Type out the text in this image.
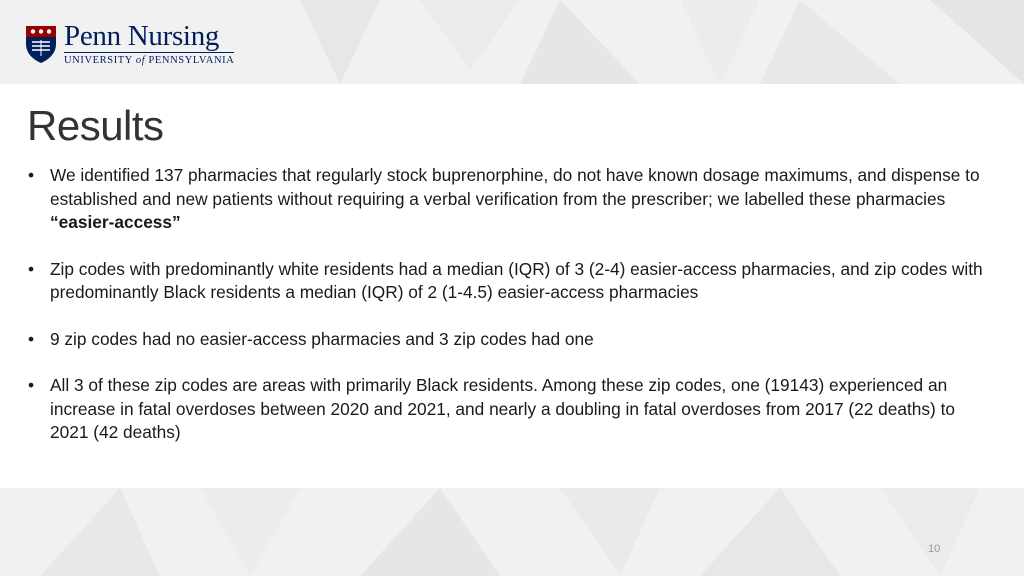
Penn Nursing
UNIVERSITY of PENNSYLVANIA
Results
• We identified 137 pharmacies that regularly stock buprenorphine, do not have known dosage maximums, and dispense to established and new patients without requiring a verbal verification from the prescriber; we labelled these pharmacies “easier-access”
• Zip codes with predominantly white residents had a median (IQR) of 3 (2-4) easier-access pharmacies, and zip codes with predominantly Black residents a median (IQR) of 2 (1-4.5) easier-access pharmacies
• 9 zip codes had no easier-access pharmacies and 3 zip codes had one
• All 3 of these zip codes are areas with primarily Black residents. Among these zip codes, one (19143) experienced an increase in fatal overdoses between 2020 and 2021, and nearly a doubling in fatal overdoses from 2017 (22 deaths) to 2021 (42 deaths)
10
